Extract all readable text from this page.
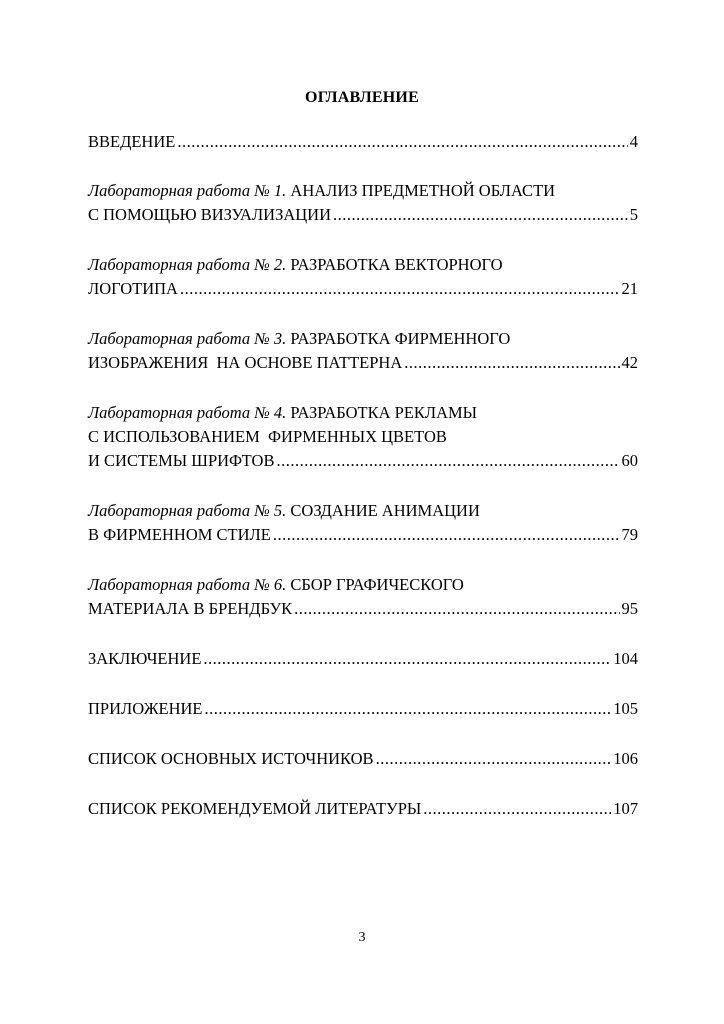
ОГЛАВЛЕНИЕ
ВВЕДЕНИЕ .....	4
Лабораторная работа № 1. АНАЛИЗ ПРЕДМЕТНОЙ ОБЛАСТИ
С ПОМОЩЬЮ ВИЗУАЛИЗАЦИИ .....	5
Лабораторная работа № 2. РАЗРАБОТКА ВЕКТОРНОГО
ЛОГОТИПА .....	21
Лабораторная работа № 3. РАЗРАБОТКА ФИРМЕННОГО
ИЗОБРАЖЕНИЯ  НА ОСНОВЕ ПАТТЕРНА .....	42
Лабораторная работа № 4. РАЗРАБОТКА РЕКЛАМЫ
С ИСПОЛЬЗОВАНИЕМ  ФИРМЕННЫХ ЦВЕТОВ
И СИСТЕМЫ ШРИФТОВ .....	60
Лабораторная работа № 5. СОЗДАНИЕ АНИМАЦИИ
В ФИРМЕННОМ СТИЛЕ .....	79
Лабораторная работа № 6. СБОР ГРАФИЧЕСКОГО
МАТЕРИАЛА В БРЕНДБУК .....	95
ЗАКЛЮЧЕНИЕ .....	104
ПРИЛОЖЕНИЕ .....	105
СПИСОК ОСНОВНЫХ ИСТОЧНИКОВ .....	106
СПИСОК РЕКОМЕНДУЕМОЙ ЛИТЕРАТУРЫ .....	107
3
